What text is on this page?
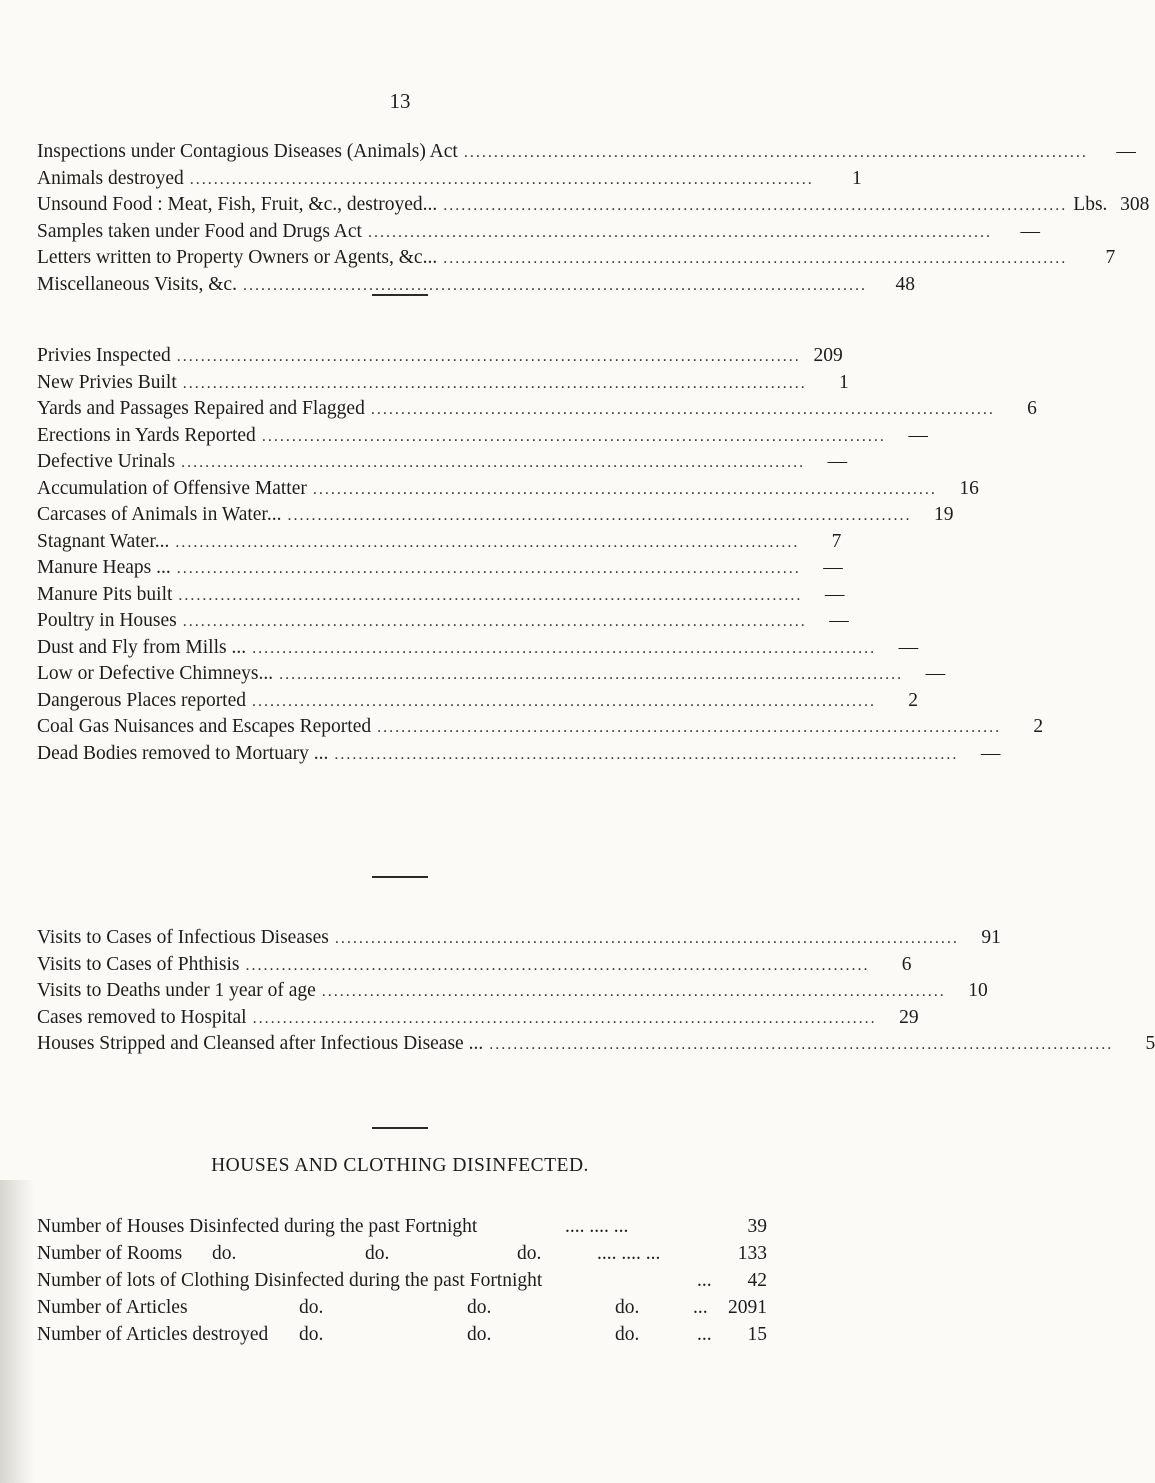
13
Inspections under Contagious Diseases (Animals) Act ........................................................................................................	—
Animals destroyed ........................................................................................................	1
Unsound Food : Meat, Fish, Fruit, &c., destroyed... ........................................................................................................ Lbs. 308
Samples taken under Food and Drugs Act ........................................................................................................	—
Letters written to Property Owners or Agents, &c... ........................................................................................................	7
Miscellaneous Visits, &c. ........................................................................................................	48
Privies Inspected ........................................................................................................ 209
New Privies Built ........................................................................................................	1
Yards and Passages Repaired and Flagged ........................................................................................................	6
Erections in Yards Reported ........................................................................................................	—
Defective Urinals ........................................................................................................	—
Accumulation of Offensive Matter ........................................................................................................	16
Carcases of Animals in Water... ........................................................................................................	19
Stagnant Water... ........................................................................................................	7
Manure Heaps ... ........................................................................................................	—
Manure Pits built ........................................................................................................	—
Poultry in Houses ........................................................................................................	—
Dust and Fly from Mills ... ........................................................................................................	—
Low or Defective Chimneys... ........................................................................................................	—
Dangerous Places reported ........................................................................................................	2
Coal Gas Nuisances and Escapes Reported ........................................................................................................	2
Dead Bodies removed to Mortuary ... ........................................................................................................	—
Visits to Cases of Infectious Diseases ........................................................................................................	91
Visits to Cases of Phthisis ........................................................................................................	6
Visits to Deaths under 1 year of age ........................................................................................................	10
Cases removed to Hospital ........................................................................................................	29
Houses Stripped and Cleansed after Infectious Disease ... ........................................................................................................	5
HOUSES AND CLOTHING DISINFECTED.
Number of Houses Disinfected during the past Fortnight	.... .... ...	39
Number of Rooms do.	do.	do.	.... .... ...	133
Number of lots of Clothing Disinfected during the past Fortnight	... 42
Number of Articles	do.	do.	do.	... 2091
Number of Articles destroyed do.	do.	do.	... 15
